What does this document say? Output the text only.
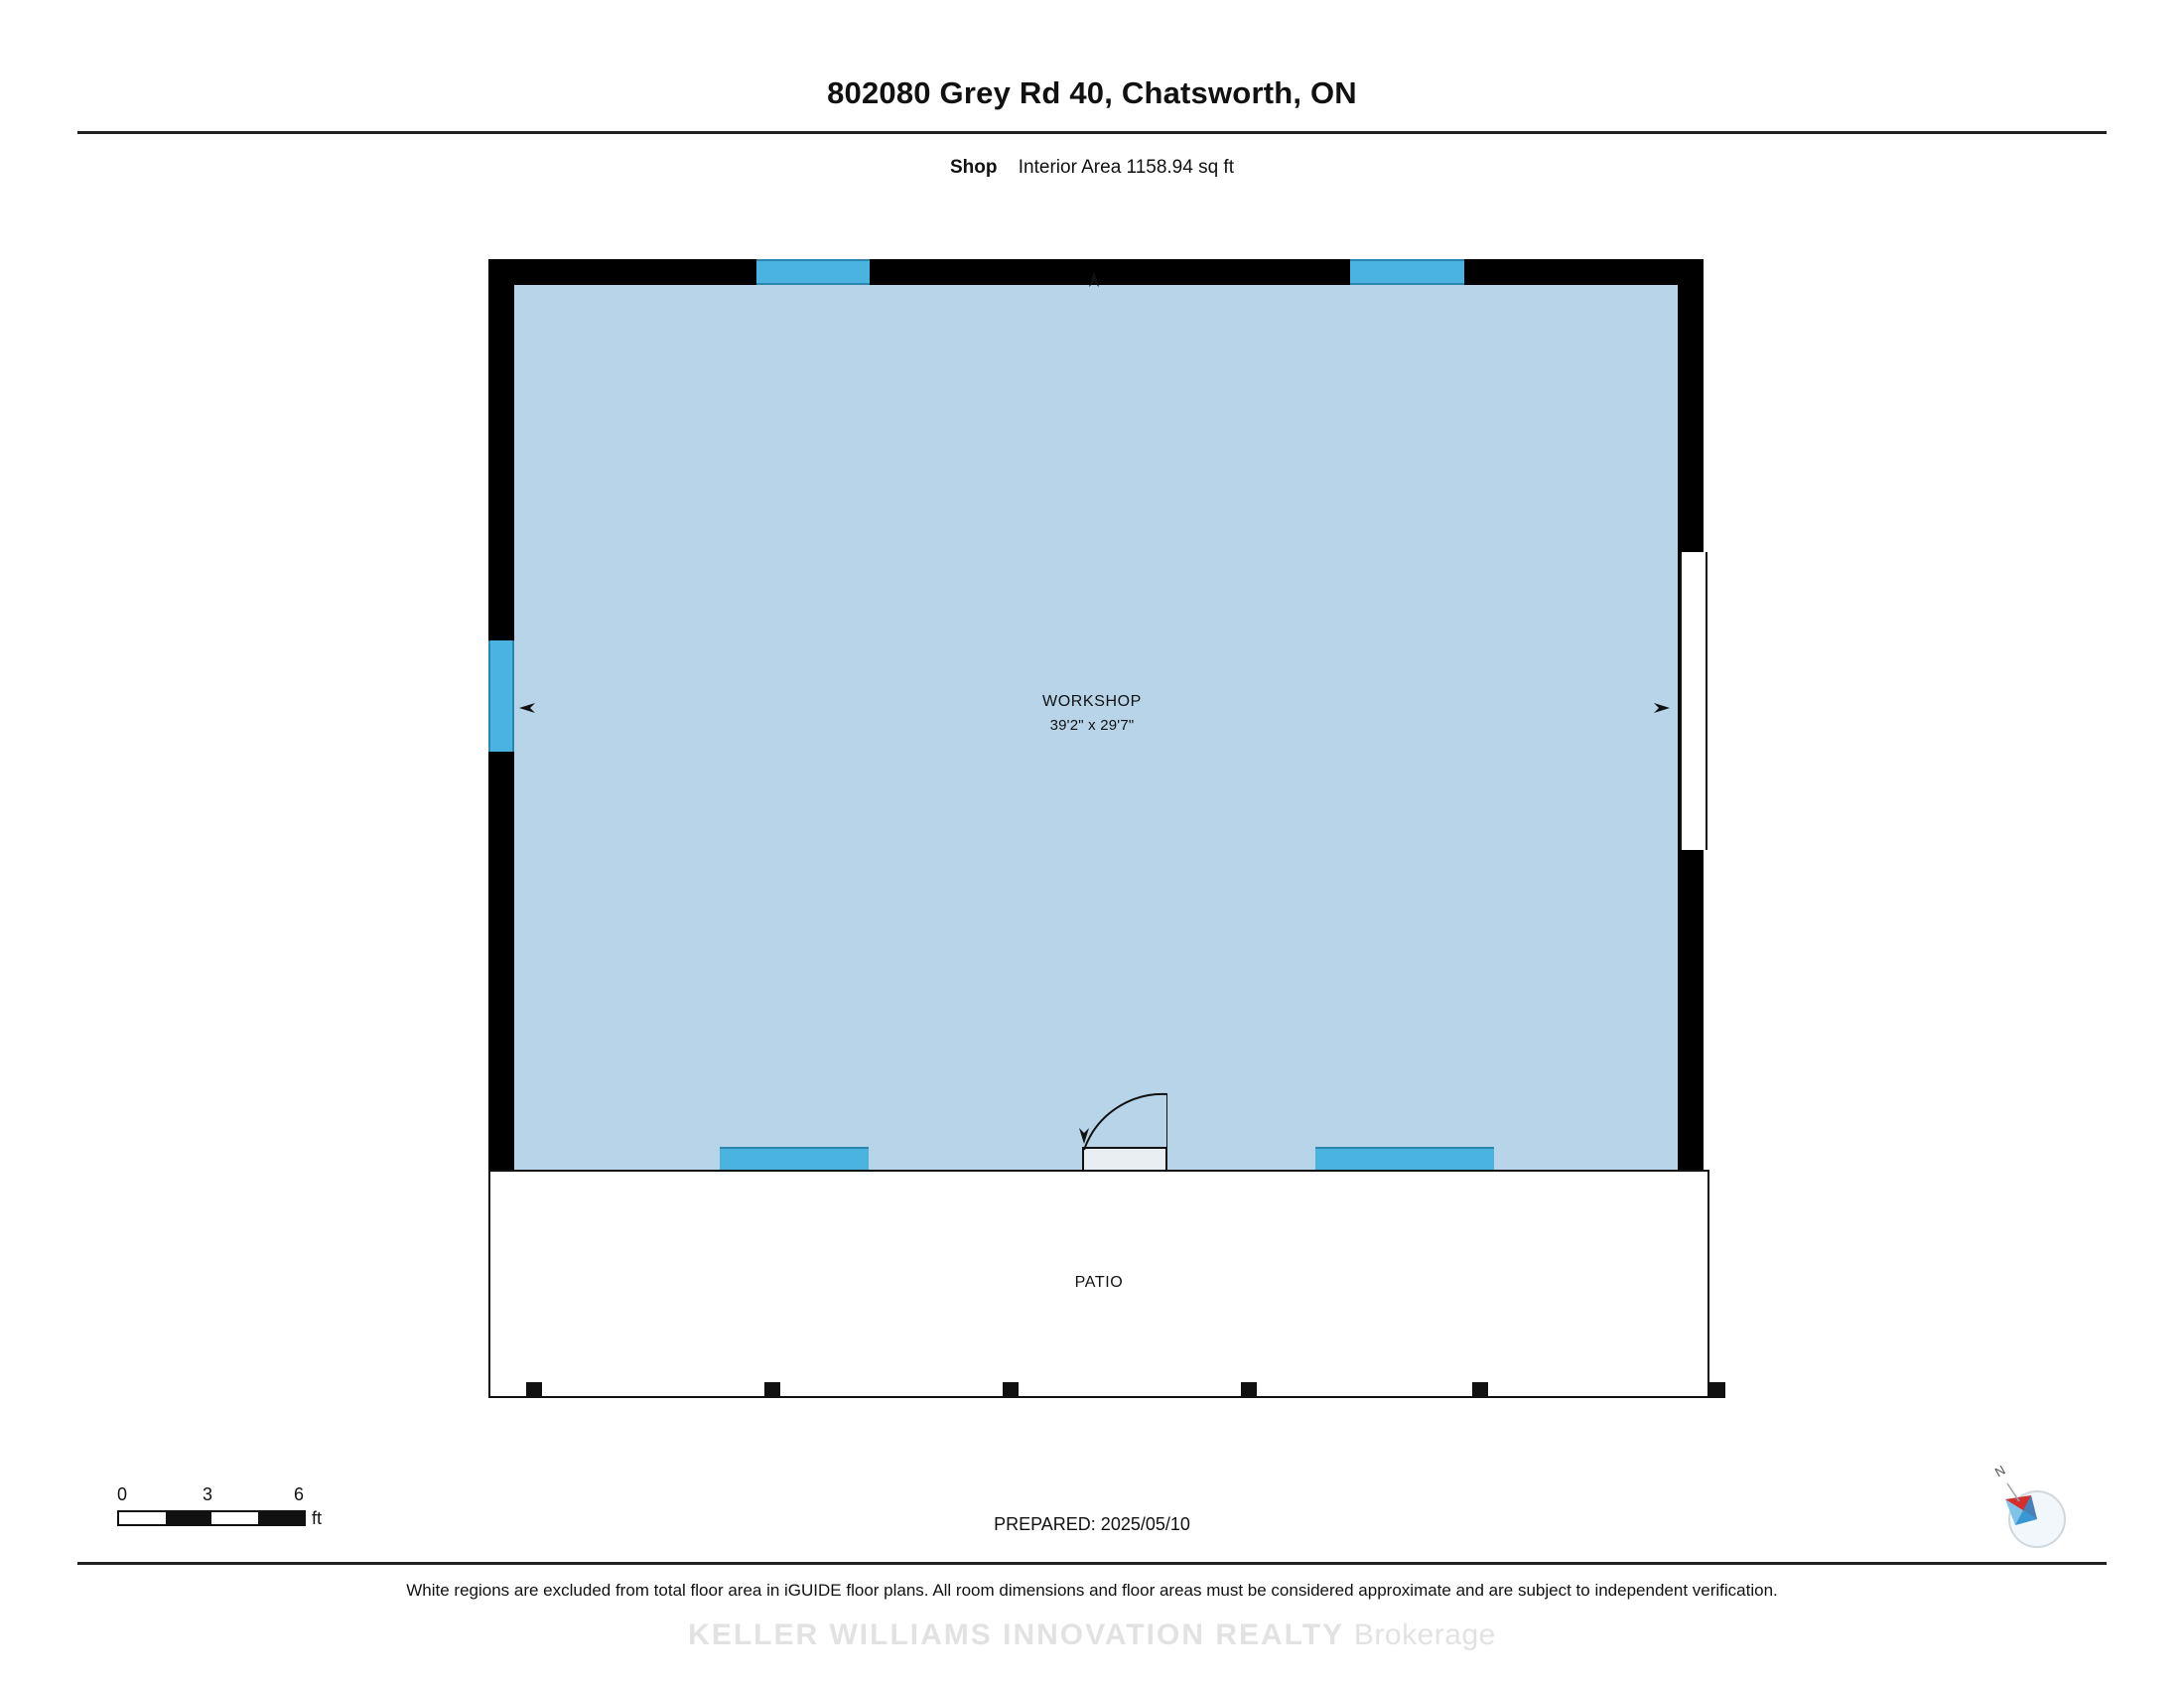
802080 Grey Rd 40, Chatsworth, ON
Shop Interior Area 1158.94 sq ft
WORKSHOP
39'2" x 29'7"
PATIO
0	3	6
ft	PREPARED: 2025/05/10
N
White regions are excluded from total floor area in iGUIDE floor plans. All room dimensions and floor areas must be considered approximate and are subject to independent verification.
KELLER WILLIAMS INNOVATION REALTY Brokerage
